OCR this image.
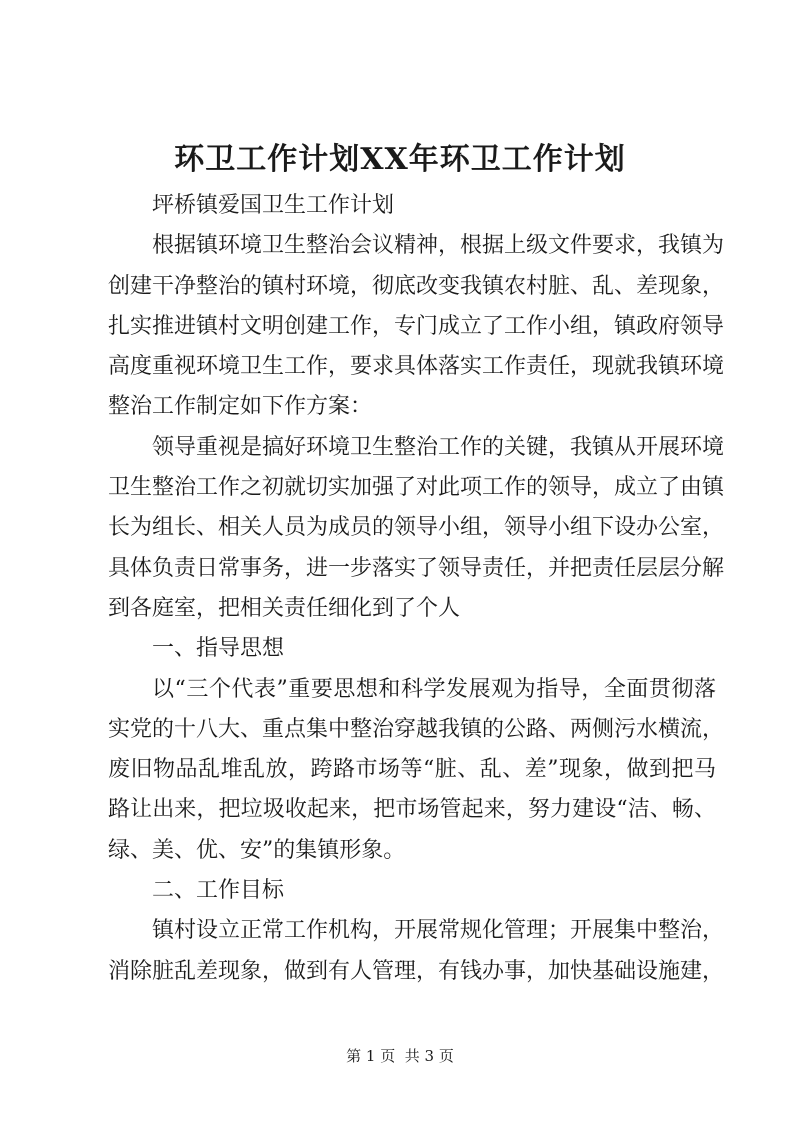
环卫工作计划XX年环卫工作计划
坪桥镇爱国卫生工作计划
根据镇环境卫生整治会议精神，根据上级文件要求，我镇为
创建干净整治的镇村环境，彻底改变我镇农村脏、乱、差现象，
扎实推进镇村文明创建工作，专门成立了工作小组，镇政府领导
高度重视环境卫生工作，要求具体落实工作责任，现就我镇环境
整治工作制定如下作方案：
领导重视是搞好环境卫生整治工作的关键，我镇从开展环境
卫生整治工作之初就切实加强了对此项工作的领导，成立了由镇
长为组长、相关人员为成员的领导小组，领导小组下设办公室，
具体负责日常事务，进一步落实了领导责任，并把责任层层分解
到各庭室，把相关责任细化到了个人
一、指导思想
以“三个代表”重要思想和科学发展观为指导，全面贯彻落
实党的十八大、重点集中整治穿越我镇的公路、两侧污水横流，
废旧物品乱堆乱放，跨路市场等“脏、乱、差”现象，做到把马
路让出来，把垃圾收起来，把市场管起来，努力建设“洁、畅、
绿、美、优、安”的集镇形象。
二、工作目标
镇村设立正常工作机构，开展常规化管理；开展集中整治，
消除脏乱差现象，做到有人管理，有钱办事，加快基础设施建，
第 1 页  共 3 页
